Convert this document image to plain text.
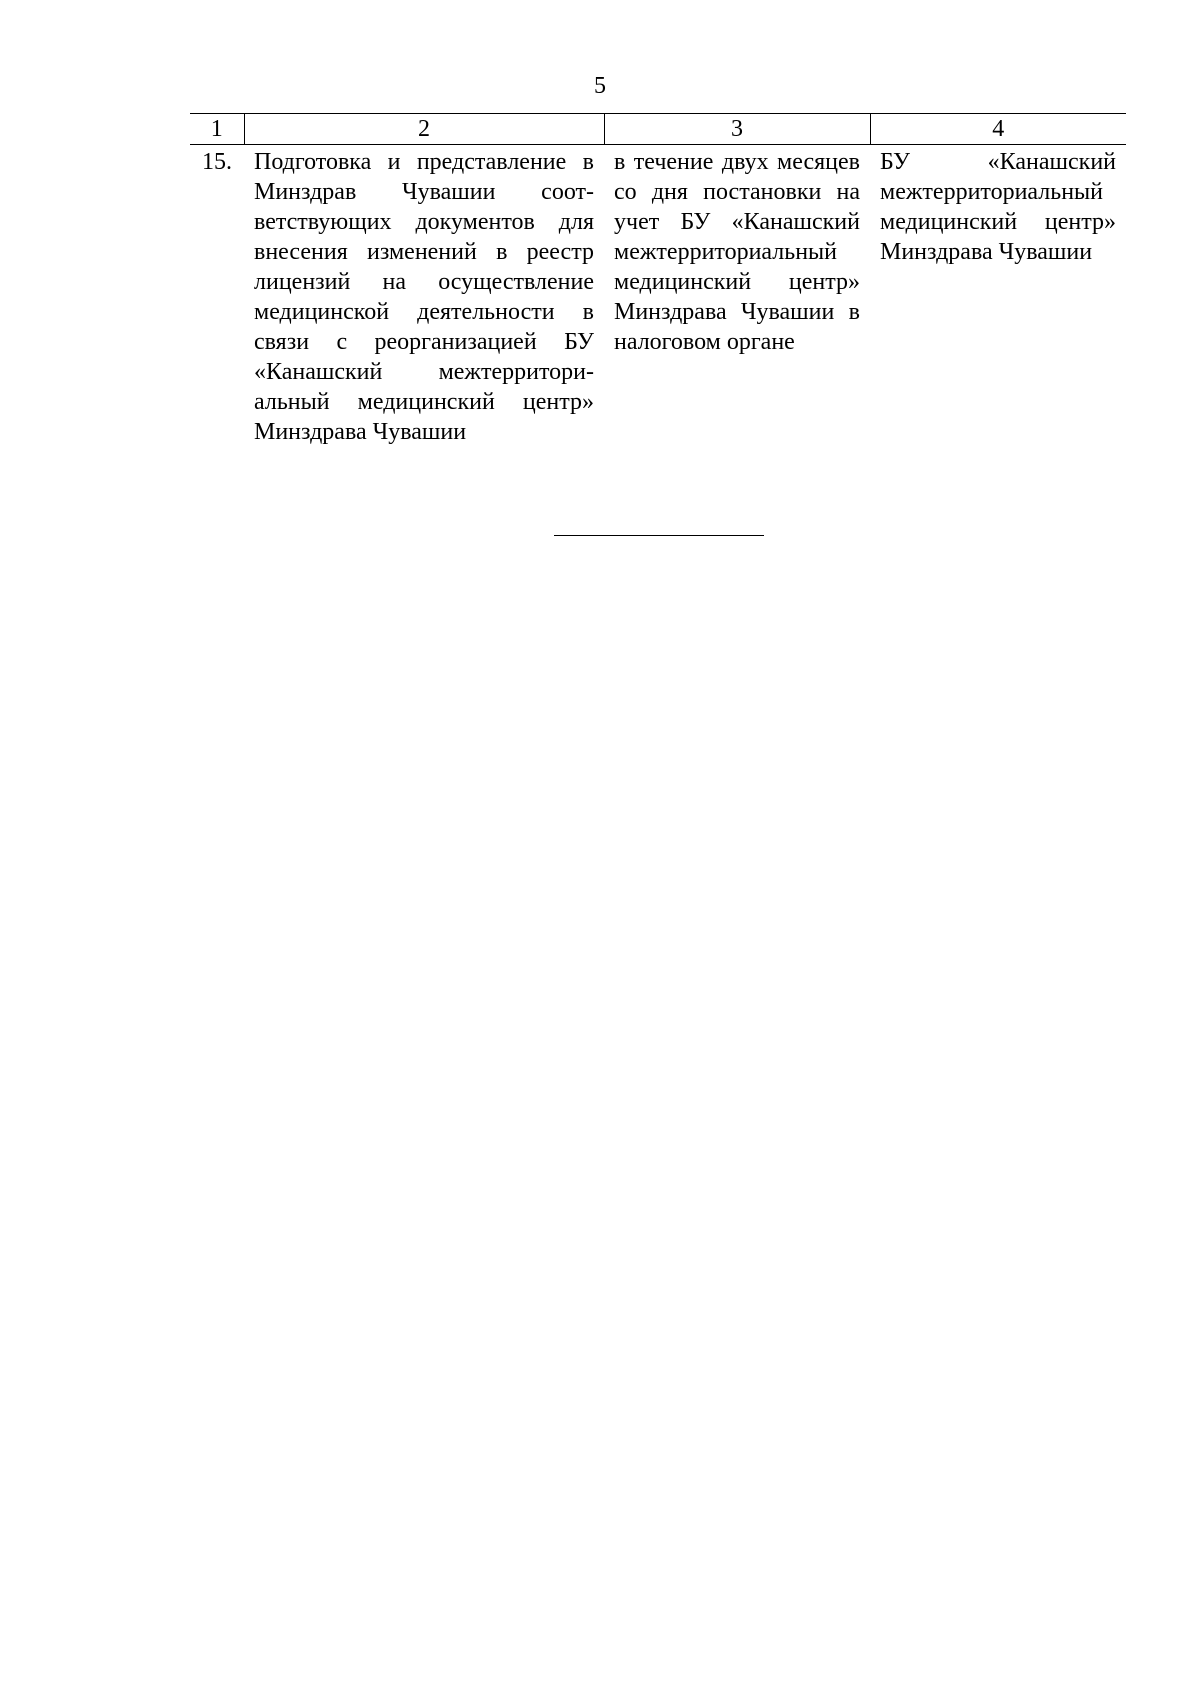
5
1	2	3	4
15.	Подготовка и представление в Минздрав Чувашии соответствующих документов для внесения изменений в реестр лицензий на осуществление медицинской деятельности в связи с реорганизацией БУ «Канашский межтерриториальный медицинский центр» Минздрава Чувашии	в течение двух месяцев со дня постановки на учет БУ «Канашский межтерриториальный медицинский центр» Минздрава Чувашии в налоговом органе	БУ «Канашский межтерриториальный медицинский центр» Минздрава Чувашии
